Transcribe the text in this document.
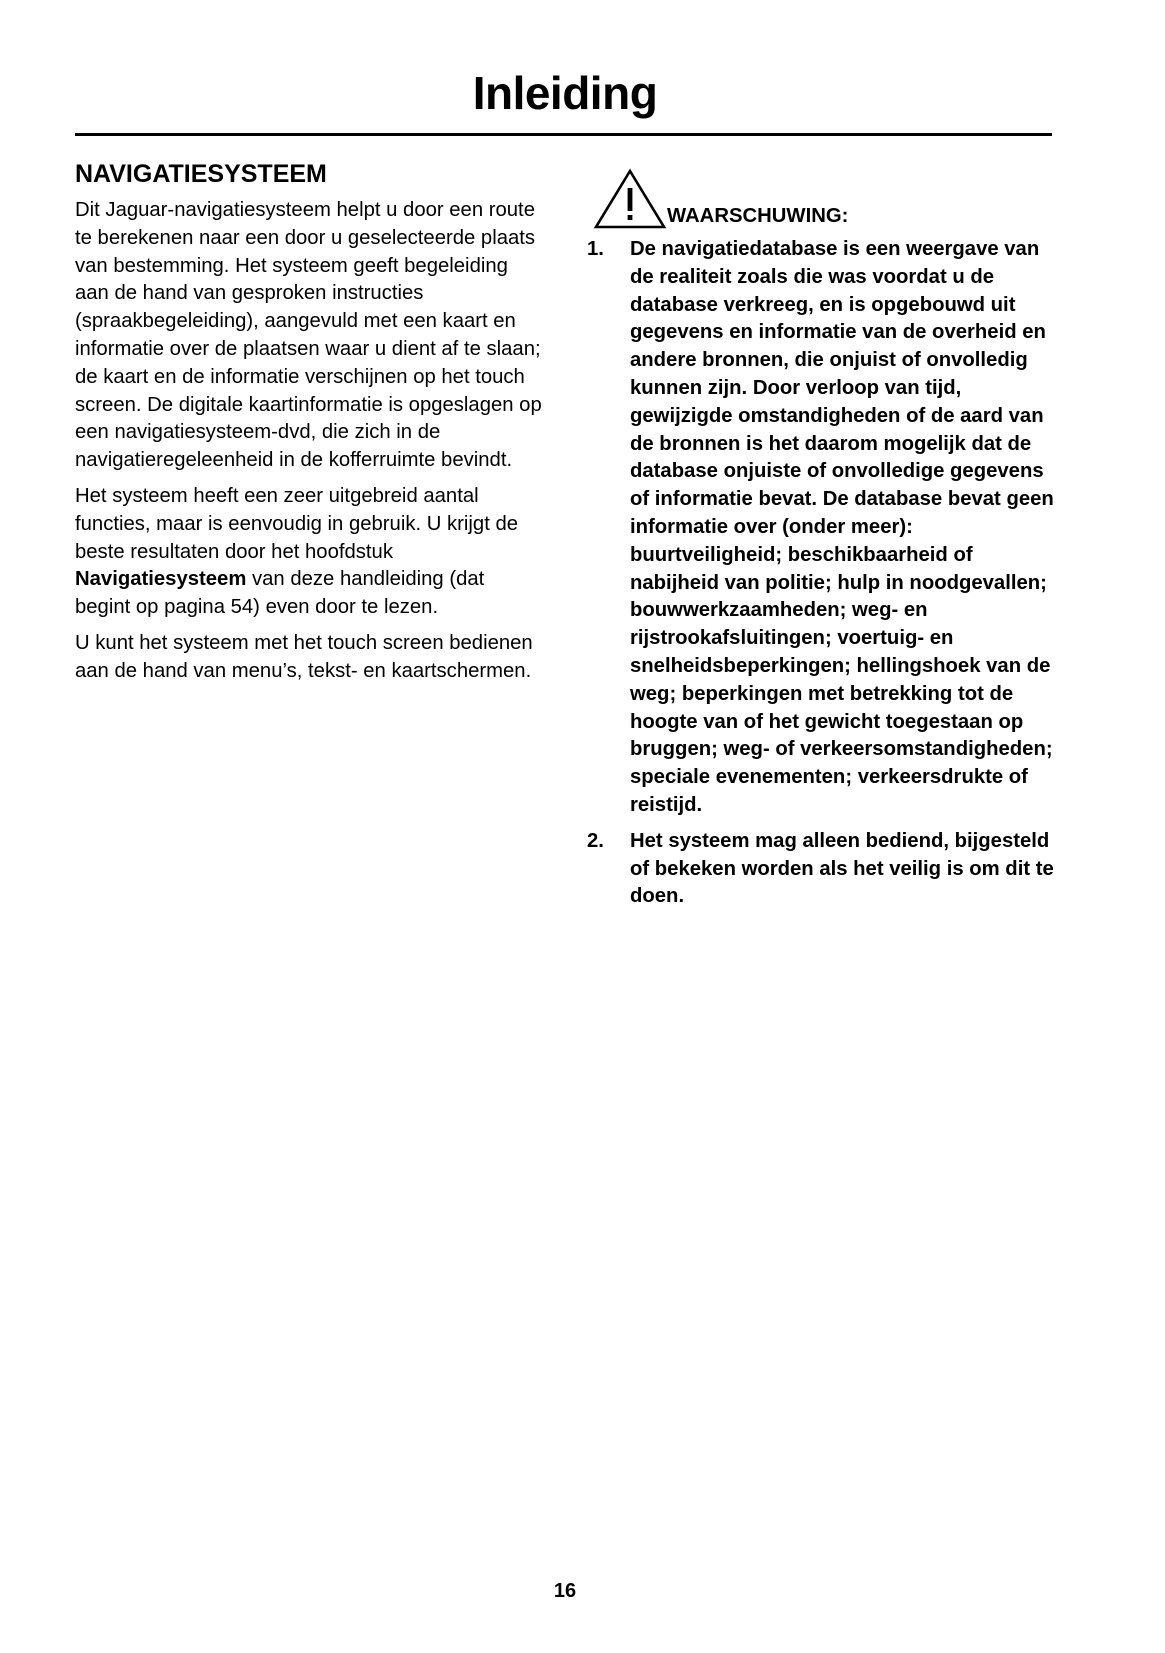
Inleiding
NAVIGATIESYSTEEM

Dit Jaguar-navigatiesysteem helpt u door een route te berekenen naar een door u geselecteerde plaats van bestemming. Het systeem geeft begeleiding aan de hand van gesproken instructies (spraakbegeleiding), aangevuld met een kaart en informatie over de plaatsen waar u dient af te slaan; de kaart en de informatie verschijnen op het touch screen. De digitale kaartinformatie is opgeslagen op een navigatiesysteem-dvd, die zich in de navigatieregeleenheid in de kofferruimte bevindt.

Het systeem heeft een zeer uitgebreid aantal functies, maar is eenvoudig in gebruik. U krijgt de beste resultaten door het hoofdstuk Navigatiesysteem van deze handleiding (dat begint op pagina 54) even door te lezen.

U kunt het systeem met het touch screen bedienen aan de hand van menu’s, tekst- en kaartschermen.

WAARSCHUWING:
1.	De navigatiedatabase is een weergave van de realiteit zoals die was voordat u de database verkreeg, en is opgebouwd uit gegevens en informatie van de overheid en andere bronnen, die onjuist of onvolledig kunnen zijn. Door verloop van tijd, gewijzigde omstandigheden of de aard van de bronnen is het daarom mogelijk dat de database onjuiste of onvolledige gegevens of informatie bevat. De database bevat geen informatie over (onder meer): buurtveiligheid; beschikbaarheid of nabijheid van politie; hulp in noodgevallen; bouwwerkzaamheden; weg- en rijstrookafsluitingen; voertuig- en snelheidsbeperkingen; hellingshoek van de weg; beperkingen met betrekking tot de hoogte van of het gewicht toegestaan op bruggen; weg- of verkeersomstandigheden; speciale evenementen; verkeersdrukte of reistijd.
2.	Het systeem mag alleen bediend, bijgesteld of bekeken worden als het veilig is om dit te doen.
16
